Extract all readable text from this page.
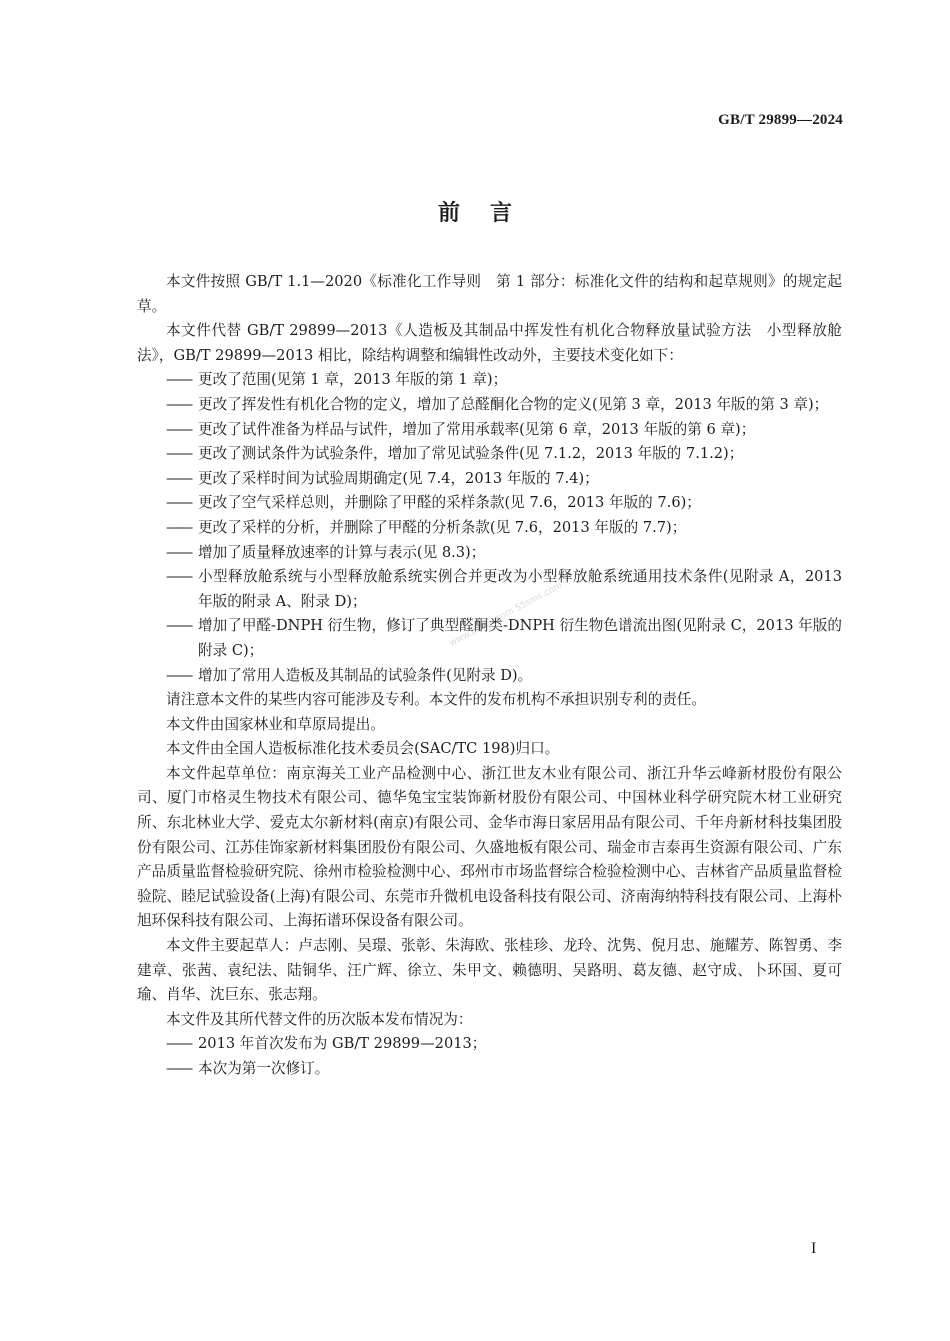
GB/T 29899—2024
前言
www.bzfxw.com 55sms.com

本文件按照 GB/T 1.1—2020《标准化工作导则　第 1 部分：标准化文件的结构和起草规则》的规定起草。

本文件代替 GB/T 29899—2013《人造板及其制品中挥发性有机化合物释放量试验方法　小型释放舱法》，GB/T 29899—2013 相比，除结构调整和编辑性改动外，主要技术变化如下：

—— 更改了范围(见第 1 章，2013 年版的第 1 章)；
—— 更改了挥发性有机化合物的定义，增加了总醛酮化合物的定义(见第 3 章，2013 年版的第 3 章)；
—— 更改了试件准备为样品与试件，增加了常用承载率(见第 6 章，2013 年版的第 6 章)；
—— 更改了测试条件为试验条件，增加了常见试验条件(见 7.1.2，2013 年版的 7.1.2)；
—— 更改了采样时间为试验周期确定(见 7.4，2013 年版的 7.4)；
—— 更改了空气采样总则，并删除了甲醛的采样条款(见 7.6，2013 年版的 7.6)；
—— 更改了采样的分析，并删除了甲醛的分析条款(见 7.6，2013 年版的 7.7)；
—— 增加了质量释放速率的计算与表示(见 8.3)；
—— 小型释放舱系统与小型释放舱系统实例合并更改为小型释放舱系统通用技术条件(见附录 A，2013 年版的附录 A、附录 D)；
—— 增加了甲醛-DNPH 衍生物，修订了典型醛酮类-DNPH 衍生物色谱流出图(见附录 C，2013 年版的附录 C)；
—— 增加了常用人造板及其制品的试验条件(见附录 D)。

请注意本文件的某些内容可能涉及专利。本文件的发布机构不承担识别专利的责任。

本文件由国家林业和草原局提出。

本文件由全国人造板标准化技术委员会(SAC/TC 198)归口。

本文件起草单位：南京海关工业产品检测中心、浙江世友木业有限公司、浙江升华云峰新材股份有限公司、厦门市格灵生物技术有限公司、德华兔宝宝装饰新材股份有限公司、中国林业科学研究院木材工业研究所、东北林业大学、爱克太尔新材料(南京)有限公司、金华市海日家居用品有限公司、千年舟新材科技集团股份有限公司、江苏佳饰家新材料集团股份有限公司、久盛地板有限公司、瑞金市吉泰再生资源有限公司、广东产品质量监督检验研究院、徐州市检验检测中心、邳州市市场监督综合检验检测中心、吉林省产品质量监督检验院、睦尼试验设备(上海)有限公司、东莞市升微机电设备科技有限公司、济南海纳特科技有限公司、上海朴旭环保科技有限公司、上海拓谱环保设备有限公司。

本文件主要起草人：卢志刚、吴璟、张彰、朱海欧、张桂珍、龙玲、沈隽、倪月忠、施耀芳、陈智勇、李建章、张茜、袁纪法、陆铜华、汪广辉、徐立、朱甲文、赖德明、吴路明、葛友德、赵守成、卜环国、夏可瑜、肖华、沈巨东、张志翔。

本文件及其所代替文件的历次版本发布情况为：

—— 2013 年首次发布为 GB/T 29899—2013；
—— 本次为第一次修订。
I
